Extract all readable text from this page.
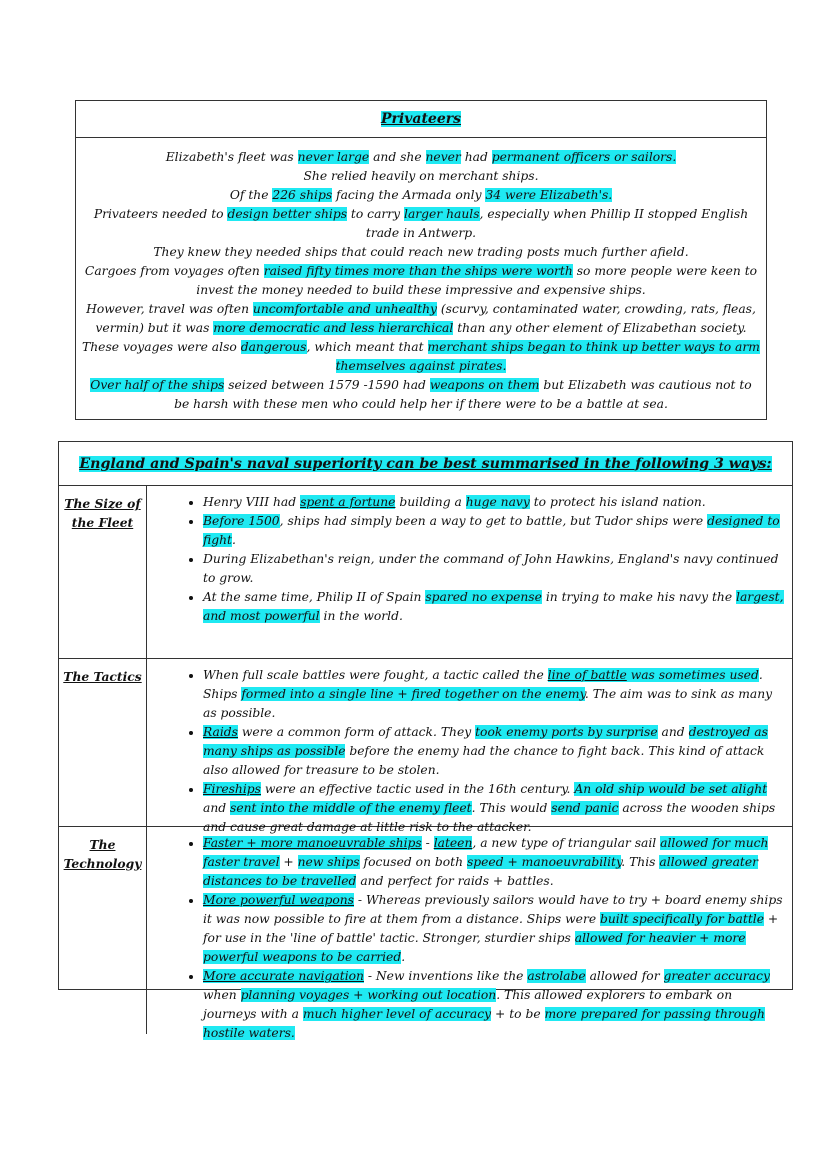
Privateers

Elizabeth's fleet was never large and she never had permanent officers or sailors.

She relied heavily on merchant ships.

Of the 226 ships facing the Armada only 34 were Elizabeth's.

Privateers needed to design better ships to carry larger hauls, especially when Phillip II stopped English trade in Antwerp.

They knew they needed ships that could reach new trading posts much further afield.

Cargoes from voyages often raised fifty times more than the ships were worth so more people were keen to invest the money needed to build these impressive and expensive ships.

However, travel was often uncomfortable and unhealthy (scurvy, contaminated water, crowding, rats, fleas, vermin) but it was more democratic and less hierarchical than any other element of Elizabethan society.

These voyages were also dangerous, which meant that merchant ships began to think up better ways to arm themselves against pirates.

Over half of the ships seized between 1579 -1590 had weapons on them but Elizabeth was cautious not to be harsh with these men who could help her if there were to be a battle at sea.

England and Spain's naval superiority can be best summarised in the following 3 ways:
The Size of the Fleet
• Henry VIII had spent a fortune building a huge navy to protect his island nation.
• Before 1500, ships had simply been a way to get to battle, but Tudor ships were designed to fight.
• During Elizabethan's reign, under the command of John Hawkins, England's navy continued to grow.
• At the same time, Philip II of Spain spared no expense in trying to make his navy the largest, and most powerful in the world.
The Tactics
•	When full scale battles were fought, a tactic called the line of battle was sometimes used. Ships formed into a single line + fired together on the enemy. The aim was to sink as many as possible.
• Raids were a common form of attack. They took enemy ports by surprise and destroyed as many ships as possible before the enemy had the chance to fight back. This kind of attack also allowed for treasure to be stolen.
• Fireships were an effective tactic used in the 16th century. An old ship would be set alight and sent into the middle of the enemy fleet. This would send panic across the wooden ships and cause great damage at little risk to the attacker.
The Technology
• Faster + more manoeuvrable ships - lateen, a new type of triangular sail allowed for much faster travel + new ships focused on both speed + manoeuvrability. This allowed greater distances to be travelled and perfect for raids + battles.
• More powerful weapons - Whereas previously sailors would have to try + board enemy ships it was now possible to fire at them from a distance. Ships were built specifically for battle + for use in the 'line of battle' tactic. Stronger, sturdier ships allowed for heavier + more powerful weapons to be carried.
• More accurate navigation - New inventions like the astrolabe allowed for greater accuracy when planning voyages + working out location. This allowed explorers to embark on journeys with a much higher level of accuracy + to be more prepared for passing through hostile waters.
